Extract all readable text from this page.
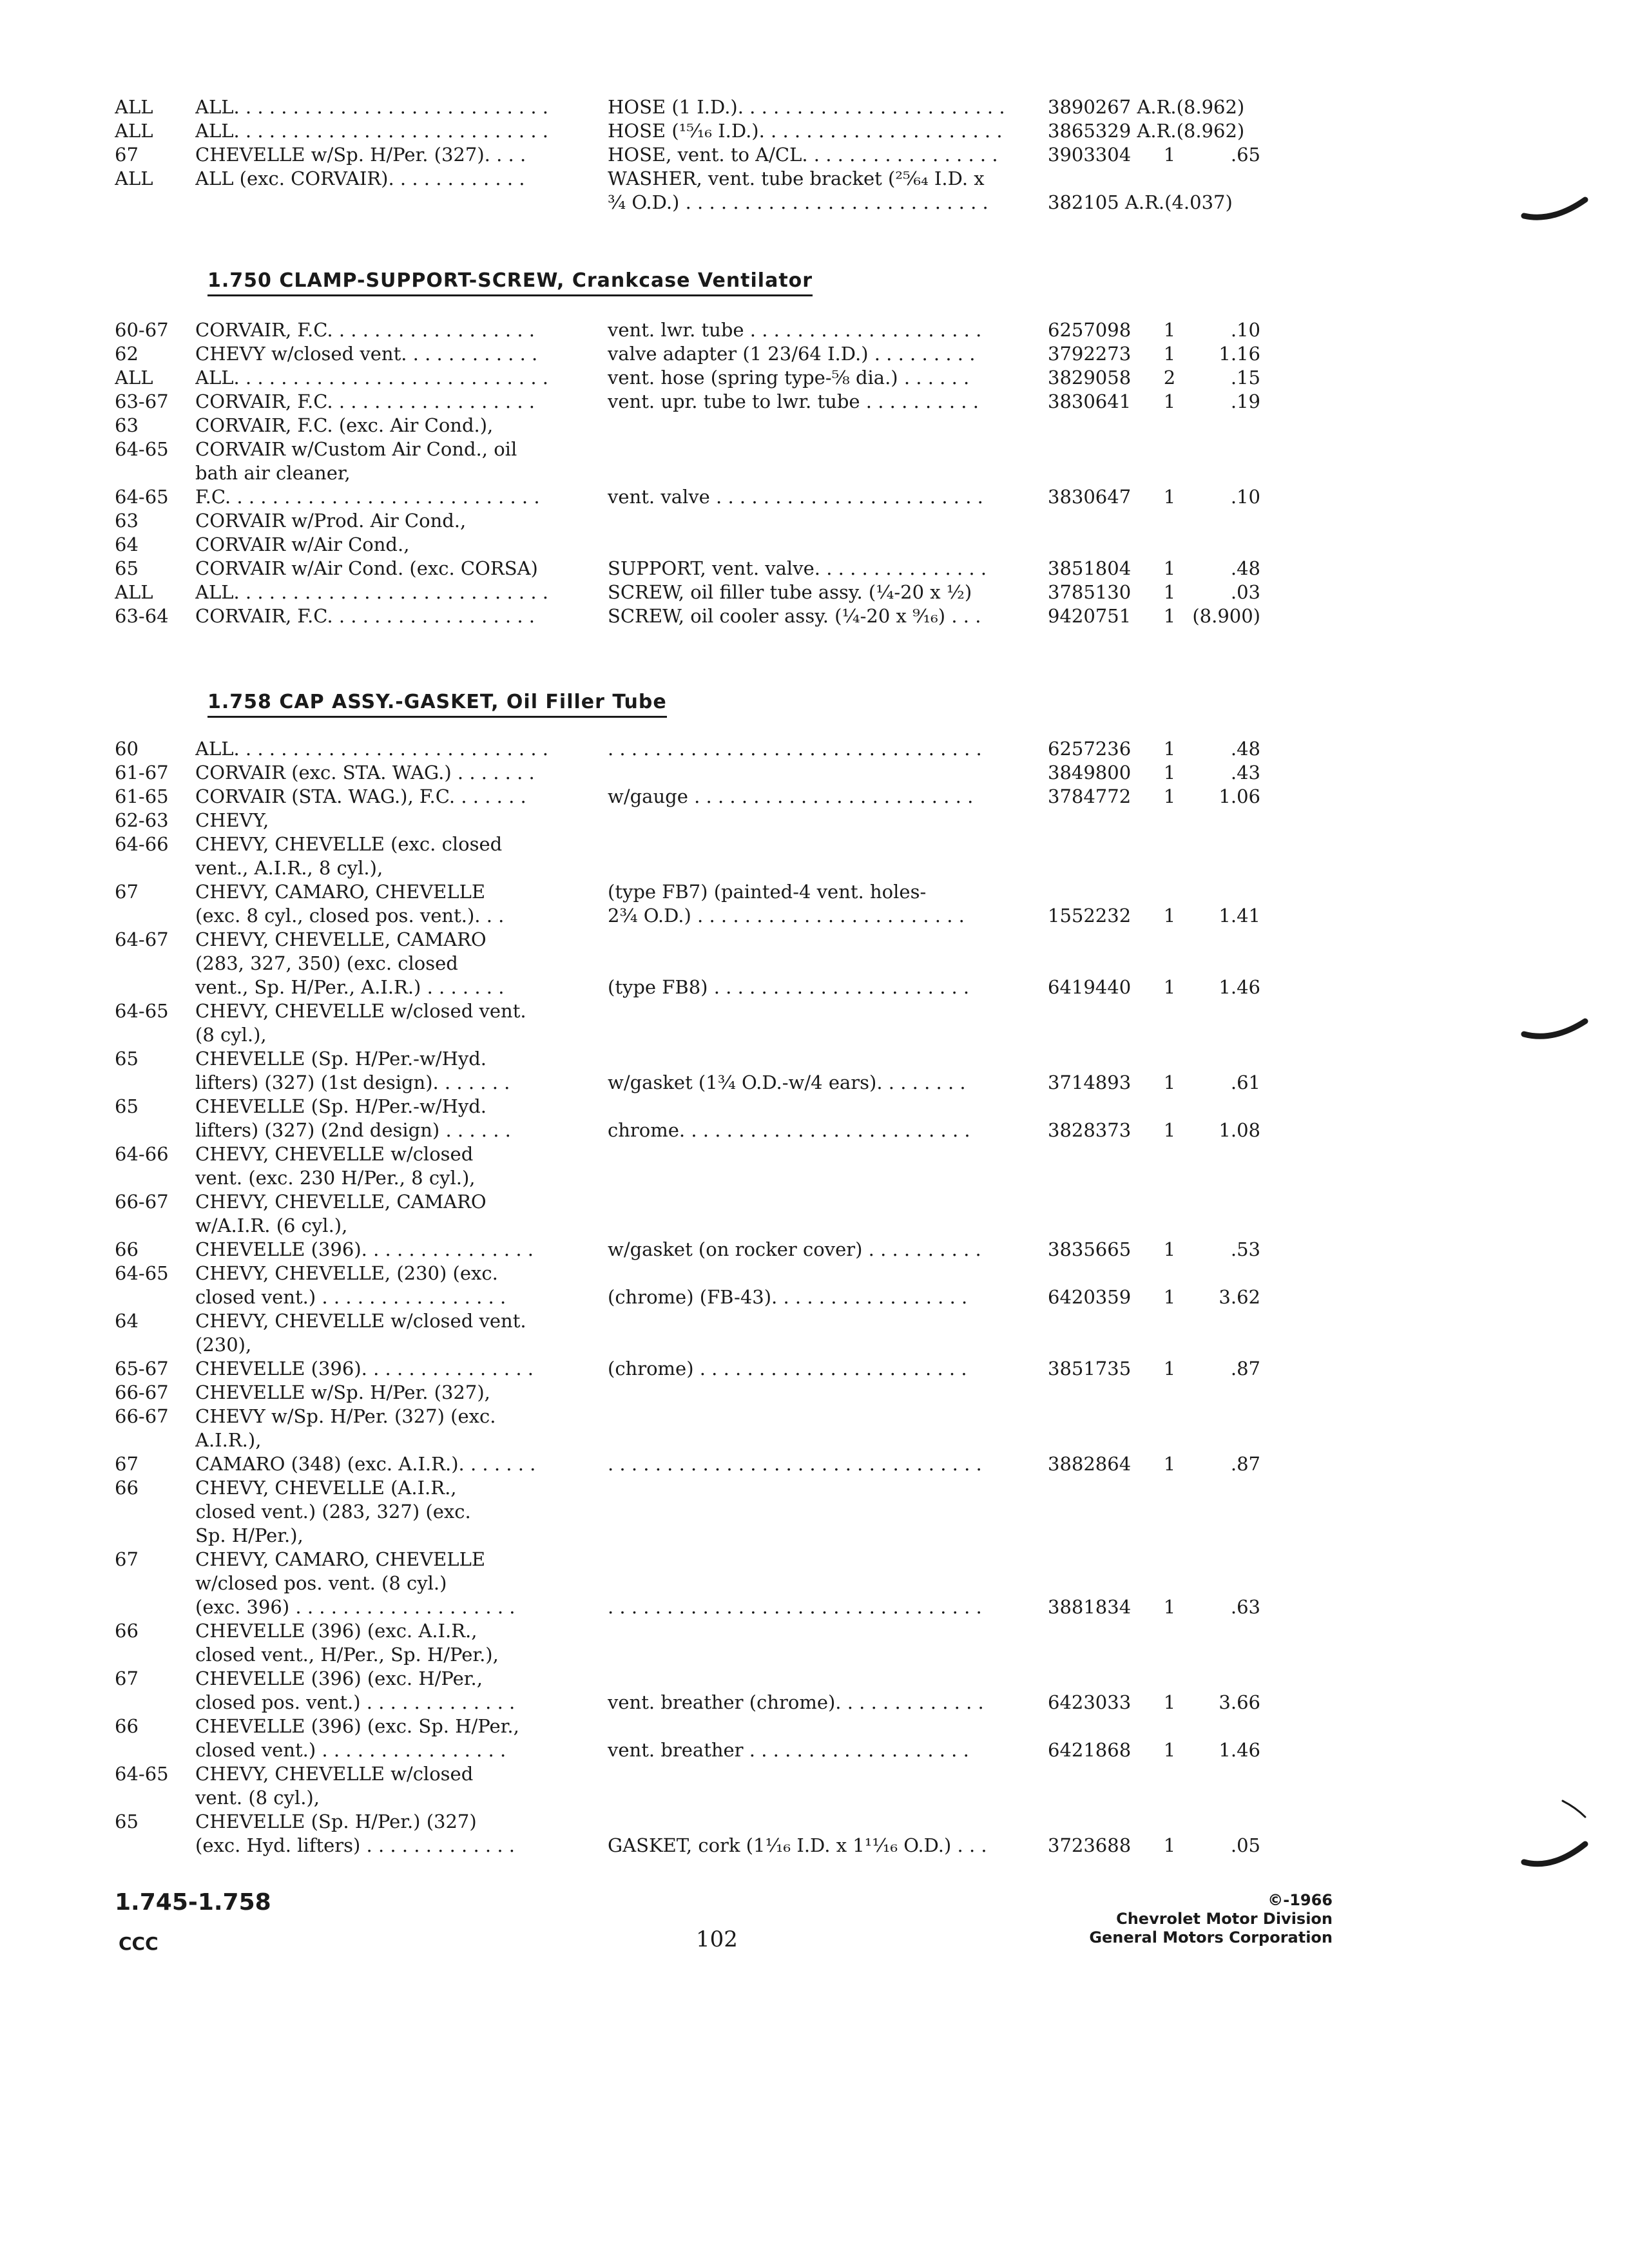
ALL	ALL. . . . . . . . . . . . . . . . . . . . . . . . . . .	HOSE (1 I.D.). . . . . . . . . . . . . . . . . . . . . . .	3890267 A.R.(8.962)		
ALL	ALL. . . . . . . . . . . . . . . . . . . . . . . . . . .	HOSE (¹⁵⁄₁₆ I.D.). . . . . . . . . . . . . . . . . . . . .	3865329 A.R.(8.962)		
67	CHEVELLE w/Sp. H/Per. (327). . . .	HOSE, vent. to A/CL. . . . . . . . . . . . . . . . .	3903304	1	.65
ALL	ALL (exc. CORVAIR). . . . . . . . . . . .	WASHER, vent. tube bracket (²⁵⁄₆₄ I.D. x			
		¾ O.D.) . . . . . . . . . . . . . . . . . . . . . . . . . .	382105 A.R.(4.037)		
1.750 CLAMP-SUPPORT-SCREW, Crankcase Ventilator
60-67	CORVAIR, F.C. . . . . . . . . . . . . . . . . .	vent. lwr. tube . . . . . . . . . . . . . . . . . . . .	6257098	1	.10
62	CHEVY w/closed vent. . . . . . . . . . . .	valve adapter (1 23/64 I.D.) . . . . . . . . .	3792273	1	1.16
ALL	ALL. . . . . . . . . . . . . . . . . . . . . . . . . . .	vent. hose (spring type-⅝ dia.) . . . . . .	3829058	2	.15
63-67	CORVAIR, F.C. . . . . . . . . . . . . . . . . .	vent. upr. tube to lwr. tube . . . . . . . . . .	3830641	1	.19
63	CORVAIR, F.C. (exc. Air Cond.),				
64-65	CORVAIR w/Custom Air Cond., oil				
	bath air cleaner,				
64-65	F.C. . . . . . . . . . . . . . . . . . . . . . . . . . .	vent. valve . . . . . . . . . . . . . . . . . . . . . . .	3830647	1	.10
63	CORVAIR w/Prod. Air Cond.,				
64	CORVAIR w/Air Cond.,				
65	CORVAIR w/Air Cond. (exc. CORSA)	SUPPORT, vent. valve. . . . . . . . . . . . . . .	3851804	1	.48
ALL	ALL. . . . . . . . . . . . . . . . . . . . . . . . . . .	SCREW, oil filler tube assy. (¼-20 x ½)	3785130	1	.03
63-64	CORVAIR, F.C. . . . . . . . . . . . . . . . . .	SCREW, oil cooler assy. (¼-20 x ⁹⁄₁₆) . . .	9420751	1	(8.900)
1.758 CAP ASSY.-GASKET, Oil Filler Tube
60	ALL. . . . . . . . . . . . . . . . . . . . . . . . . . .	. . . . . . . . . . . . . . . . . . . . . . . . . . . . . . . .	6257236	1	.48
61-67	CORVAIR (exc. STA. WAG.) . . . . . . .		3849800	1	.43
61-65	CORVAIR (STA. WAG.), F.C. . . . . . .	w/gauge . . . . . . . . . . . . . . . . . . . . . . . .	3784772	1	1.06
62-63	CHEVY,				
64-66	CHEVY, CHEVELLE (exc. closed				
	vent., A.I.R., 8 cyl.),				
67	CHEVY, CAMARO, CHEVELLE	(type FB7) (painted-4 vent. holes-			
	(exc. 8 cyl., closed pos. vent.). . .	2¾ O.D.) . . . . . . . . . . . . . . . . . . . . . . .	1552232	1	1.41
64-67	CHEVY, CHEVELLE, CAMARO				
	(283, 327, 350) (exc. closed				
	vent., Sp. H/Per., A.I.R.) . . . . . . .	(type FB8) . . . . . . . . . . . . . . . . . . . . . .	6419440	1	1.46
64-65	CHEVY, CHEVELLE w/closed vent.				
	(8 cyl.),				
65	CHEVELLE (Sp. H/Per.-w/Hyd.				
	lifters) (327) (1st design). . . . . . .	w/gasket (1¾ O.D.-w/4 ears). . . . . . . .	3714893	1	.61
65	CHEVELLE (Sp. H/Per.-w/Hyd.				
	lifters) (327) (2nd design) . . . . . .	chrome. . . . . . . . . . . . . . . . . . . . . . . . .	3828373	1	1.08
64-66	CHEVY, CHEVELLE w/closed				
	vent. (exc. 230 H/Per., 8 cyl.),				
66-67	CHEVY, CHEVELLE, CAMARO				
	w/A.I.R. (6 cyl.),				
66	CHEVELLE (396). . . . . . . . . . . . . . .	w/gasket (on rocker cover) . . . . . . . . . .	3835665	1	.53
64-65	CHEVY, CHEVELLE, (230) (exc.				
	closed vent.) . . . . . . . . . . . . . . . .	(chrome) (FB-43). . . . . . . . . . . . . . . . .	6420359	1	3.62
64	CHEVY, CHEVELLE w/closed vent.				
	(230),				
65-67	CHEVELLE (396). . . . . . . . . . . . . . .	(chrome) . . . . . . . . . . . . . . . . . . . . . . .	3851735	1	.87
66-67	CHEVELLE w/Sp. H/Per. (327),				
66-67	CHEVY w/Sp. H/Per. (327) (exc.				
	A.I.R.),				
67	CAMARO (348) (exc. A.I.R.). . . . . . .	. . . . . . . . . . . . . . . . . . . . . . . . . . . . . . . .	3882864	1	.87
66	CHEVY, CHEVELLE (A.I.R.,				
	closed vent.) (283, 327) (exc.				
	Sp. H/Per.),				
67	CHEVY, CAMARO, CHEVELLE				
	w/closed pos. vent. (8 cyl.)				
	(exc. 396) . . . . . . . . . . . . . . . . . . .	. . . . . . . . . . . . . . . . . . . . . . . . . . . . . . . .	3881834	1	.63
66	CHEVELLE (396) (exc. A.I.R.,				
	closed vent., H/Per., Sp. H/Per.),				
67	CHEVELLE (396) (exc. H/Per.,				
	closed pos. vent.) . . . . . . . . . . . . .	vent. breather (chrome). . . . . . . . . . . . .	6423033	1	3.66
66	CHEVELLE (396) (exc. Sp. H/Per.,				
	closed vent.) . . . . . . . . . . . . . . . .	vent. breather . . . . . . . . . . . . . . . . . . .	6421868	1	1.46
64-65	CHEVY, CHEVELLE w/closed				
	vent. (8 cyl.),				
65	CHEVELLE (Sp. H/Per.) (327)				
	(exc. Hyd. lifters) . . . . . . . . . . . . .	GASKET, cork (1¹⁄₁₆ I.D. x 1¹¹⁄₁₆ O.D.) . . .	3723688	1	.05
1.745-1.758
CCC	102
©-1966
Chevrolet Motor Division
General Motors Corporation
